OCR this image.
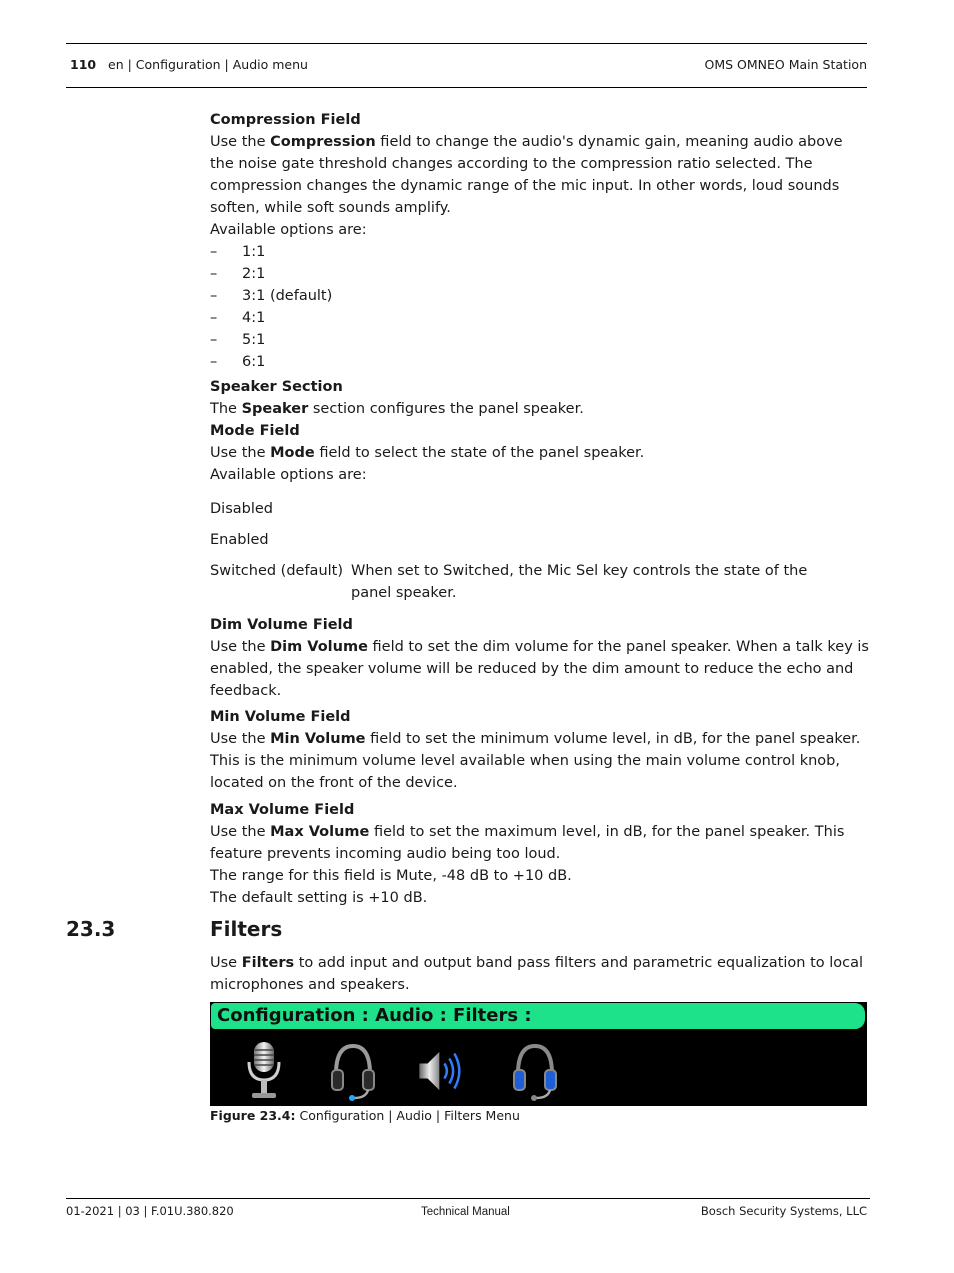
110 en | Configuration | Audio menu	OMS OMNEO Main Station

Compression Field

Use the Compression field to change the audio's dynamic gain, meaning audio above the noise gate threshold changes according to the compression ratio selected. The compression changes the dynamic range of the mic input. In other words, loud sounds soften, while soft sounds amplify.

Available options are:

– 1:1
– 2:1
– 3:1 (default)
– 4:1
– 5:1
– 6:1

Speaker Section

The Speaker section configures the panel speaker.

Mode Field

Use the Mode field to select the state of the panel speaker.

Available options are:

Disabled
Enabled
Switched (default) When set to Switched, the Mic Sel key controls the state of the panel speaker.

Dim Volume Field

Use the Dim Volume field to set the dim volume for the panel speaker. When a talk key is enabled, the speaker volume will be reduced by the dim amount to reduce the echo and feedback.

Min Volume Field

Use the Min Volume field to set the minimum volume level, in dB, for the panel speaker. This is the minimum volume level available when using the main volume control knob, located on the front of the device.

Max Volume Field

Use the Max Volume field to set the maximum level, in dB, for the panel speaker. This feature prevents incoming audio being too loud.

The range for this field is Mute, -48 dB to +10 dB.

The default setting is +10 dB.

23.3	Filters

Use Filters to add input and output band pass filters and parametric equalization to local microphones and speakers.

Configuration : Audio : Filters :
Figure 23.4: Configuration | Audio | Filters Menu
01-2021 | 03 | F.01U.380.820	Technical Manual	Bosch Security Systems, LLC
